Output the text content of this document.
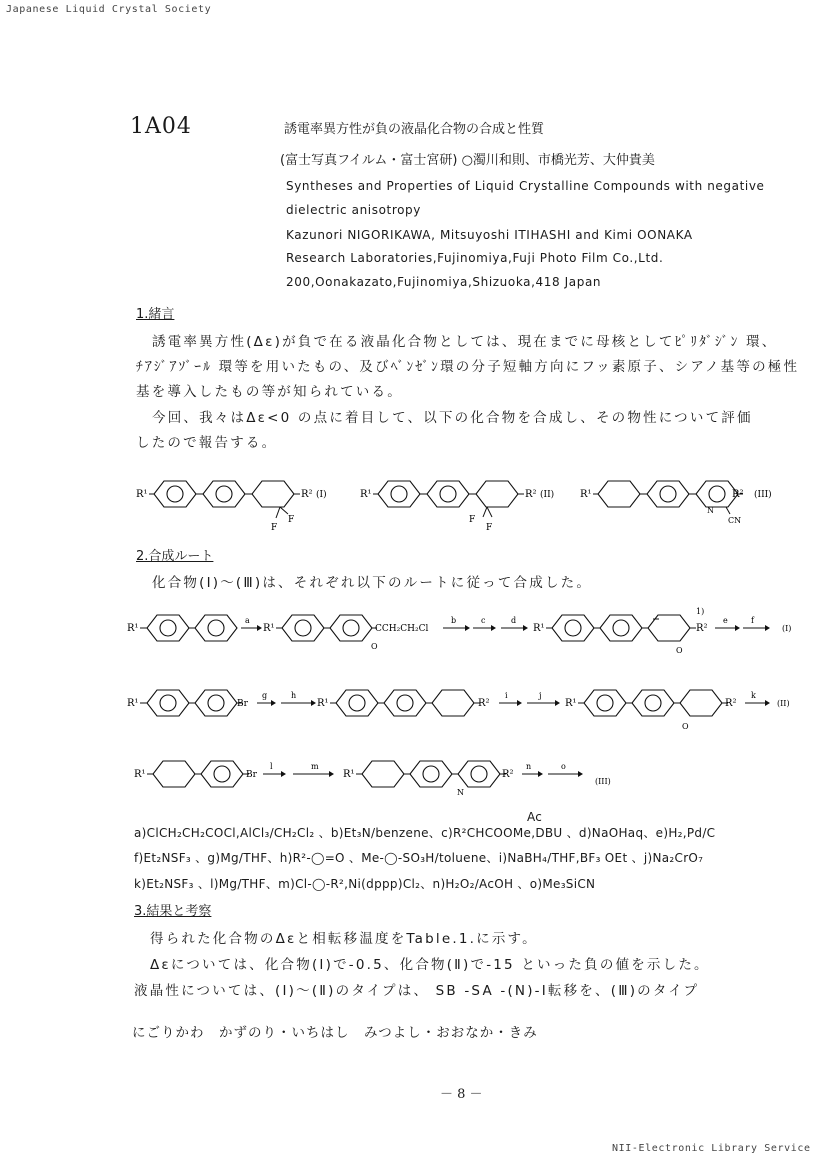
Japanese Liquid Crystal Society
1A04	誘電率異方性が負の液晶化合物の合成と性質
(富士写真フイルム・富士宮研) ○濁川和則、市橋光芳、大仲貴美
Syntheses and Properties of Liquid Crystalline Compounds with negative
dielectric anisotropy
Kazunori NIGORIKAWA, Mitsuyoshi ITIHASHI and Kimi OONAKA
Research Laboratories,Fujinomiya,Fuji Photo Film Co.,Ltd.
200,Oonakazato,Fujinomiya,Shizuoka,418 Japan
1.緒言
誘電率異方性(Δε)が負で在る液晶化合物としては、現在までに母核としてﾋﾟﾘﾀﾞｼﾞﾝ 環、
ﾁｱｼﾞｱｿﾞｰﾙ 環等を用いたもの、及びﾍﾞﾝｾﾞﾝ環の分子短軸方向にフッ素原子、シアノ基等の極性
基を導入したもの等が知られている。
今回、我々はΔε<0 の点に着目して、以下の化合物を合成し、その物性について評価
したので報告する。
R¹	R² (I)
F
F
R¹	R² (II)
F
F
R¹	R² (III)
N
CN
2.合成ルート
化合物(Ⅰ)～(Ⅲ)は、それぞれ以下のルートに従って合成した。
R¹
a
R¹	CCH₂CH₂Cl
O
b	c	d
R¹	R²
1)
O
e	f
(I)
R¹	Br
g	h
R¹	R²
i	j
R¹	R²
O
k
(II)
R¹	Br
l	m
R¹	R²
N
n	o
(III)
Ac
a)ClCH₂CH₂COCl,AlCl₃/CH₂Cl₂ 、b)Et₃N/benzene、c)R²CHCOOMe,DBU 、d)NaOHaq、e)H₂,Pd/C
f)Et₂NSF₃ 、g)Mg/THF、h)R²-◯=O 、Me-◯-SO₃H/toluene、i)NaBH₄/THF,BF₃ OEt 、j)Na₂CrO₇
k)Et₂NSF₃ 、l)Mg/THF、m)Cl-◯-R²,Ni(dppp)Cl₂、n)H₂O₂/AcOH 、o)Me₃SiCN
3.結果と考察
得られた化合物のΔεと相転移温度をTable.1.に示す。
Δεについては、化合物(Ⅰ)で-0.5、化合物(Ⅱ)で-15 といった負の値を示した。
液晶性については、(Ⅰ)～(Ⅱ)のタイプは、 SB -SA -(N)-I転移を、(Ⅲ)のタイプ
にごりかわ　かずのり・いちはし　みつよし・おおなか・きみ
－ 8 －
NII-Electronic Library Service
